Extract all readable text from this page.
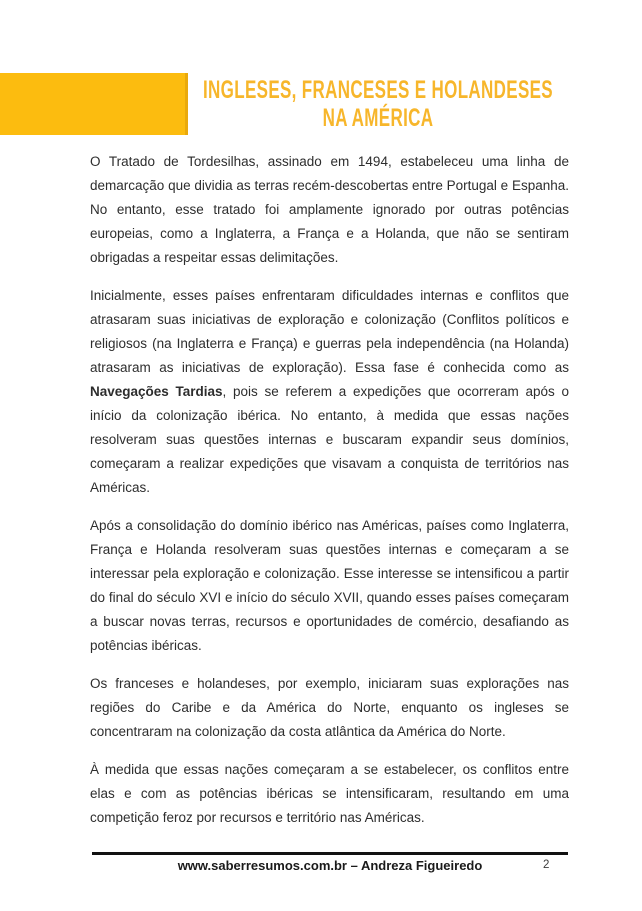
INGLESES, FRANCESES E HOLANDESES
NA AMÉRICA

O Tratado de Tordesilhas, assinado em 1494, estabeleceu uma linha de demarcação que dividia as terras recém-descobertas entre Portugal e Espanha. No entanto, esse tratado foi amplamente ignorado por outras potências europeias, como a Inglaterra, a França e a Holanda, que não se sentiram obrigadas a respeitar essas delimitações.

Inicialmente, esses países enfrentaram dificuldades internas e conflitos que atrasaram suas iniciativas de exploração e colonização (Conflitos políticos e religiosos (na Inglaterra e França) e guerras pela independência (na Holanda) atrasaram as iniciativas de exploração). Essa fase é conhecida como as Navegações Tardias, pois se referem a expedições que ocorreram após o início da colonização ibérica. No entanto, à medida que essas nações resolveram suas questões internas e buscaram expandir seus domínios, começaram a realizar expedições que visavam a conquista de territórios nas Américas.

Após a consolidação do domínio ibérico nas Américas, países como Inglaterra, França e Holanda resolveram suas questões internas e começaram a se interessar pela exploração e colonização. Esse interesse se intensificou a partir do final do século XVI e início do século XVII, quando esses países começaram a buscar novas terras, recursos e oportunidades de comércio, desafiando as potências ibéricas.

Os franceses e holandeses, por exemplo, iniciaram suas explorações nas regiões do Caribe e da América do Norte, enquanto os ingleses se concentraram na colonização da costa atlântica da América do Norte.

À medida que essas nações começaram a se estabelecer, os conflitos entre elas e com as potências ibéricas se intensificaram, resultando em uma competição feroz por recursos e território nas Américas.

www.saberresumos.com.br – Andreza Figueiredo	2
